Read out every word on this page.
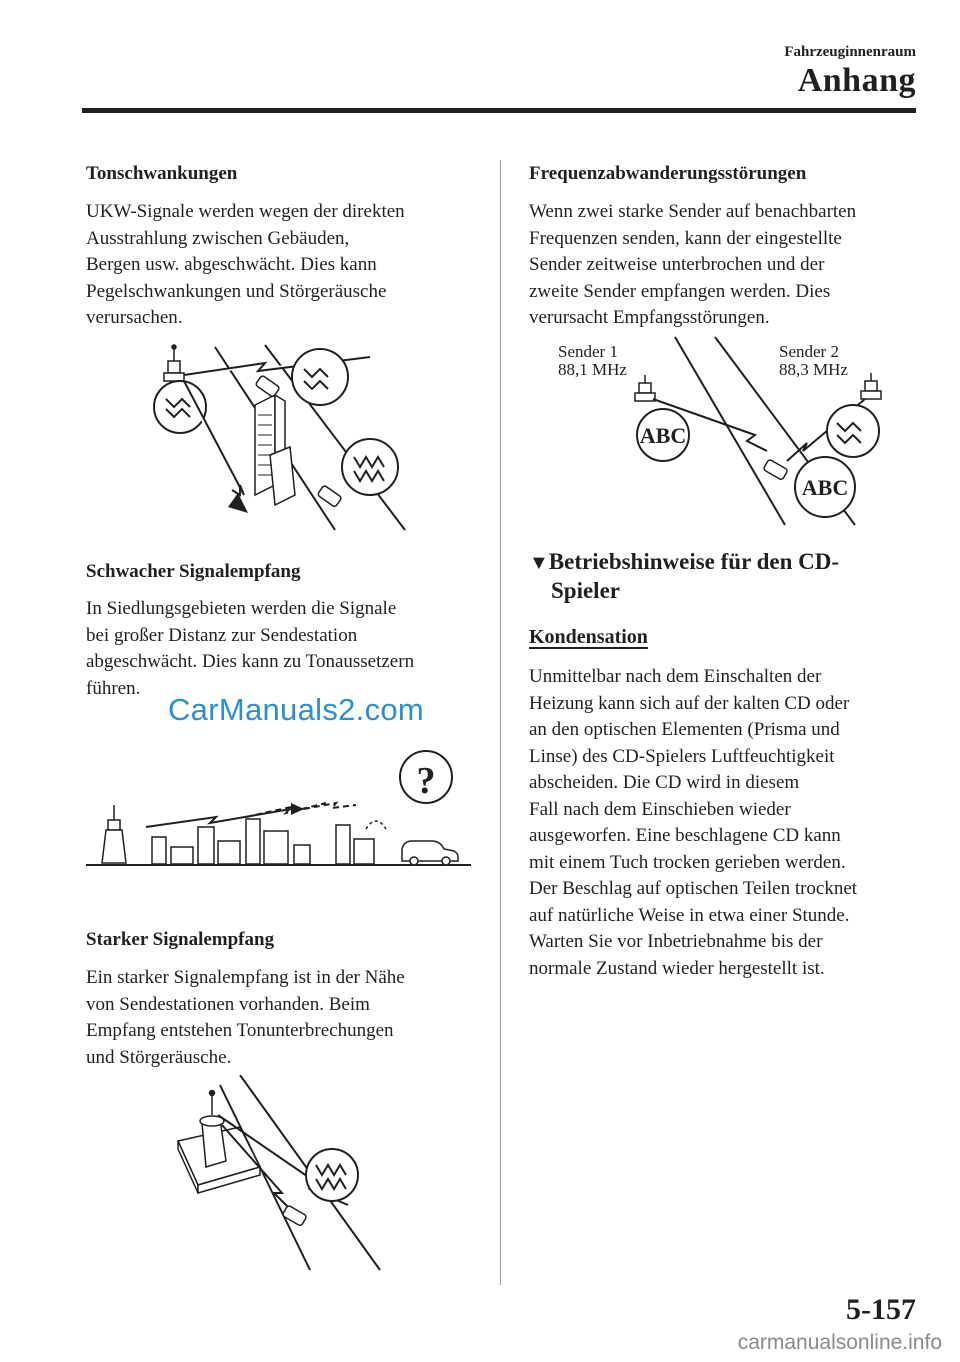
Fahrzeuginnenraum
Anhang
Tonschwankungen

UKW-Signale werden wegen der direkten

Ausstrahlung zwischen Gebäuden,

Bergen usw. abgeschwächt. Dies kann

Pegelschwankungen und Störgeräusche

verursachen.

Schwacher Signalempfang

In Siedlungsgebieten werden die Signale

bei großer Distanz zur Sendestation

abgeschwächt. Dies kann zu Tonaussetzern

führen.

CarManuals2.com
?
Starker Signalempfang

Ein starker Signalempfang ist in der Nähe

von Sendestationen vorhanden. Beim

Empfang entstehen Tonunterbrechungen

und Störgeräusche.

Frequenzabwanderungsstörungen

Wenn zwei starke Sender auf benachbarten

Frequenzen senden, kann der eingestellte

Sender zeitweise unterbrochen und der

zweite Sender empfangen werden. Dies

verursacht Empfangsstörungen.

Sender 1
88,1 MHz
Sender 2
88,3 MHz
ABC
ABC
▼Betriebshinweise für den CD-
Spieler
Kondensation

Unmittelbar nach dem Einschalten der

Heizung kann sich auf der kalten CD oder

an den optischen Elementen (Prisma und

Linse) des CD-Spielers Luftfeuchtigkeit

abscheiden. Die CD wird in diesem

Fall nach dem Einschieben wieder

ausgeworfen. Eine beschlagene CD kann

mit einem Tuch trocken gerieben werden.

Der Beschlag auf optischen Teilen trocknet

auf natürliche Weise in etwa einer Stunde.

Warten Sie vor Inbetriebnahme bis der

normale Zustand wieder hergestellt ist.

5-157
carmanualsonline.info
